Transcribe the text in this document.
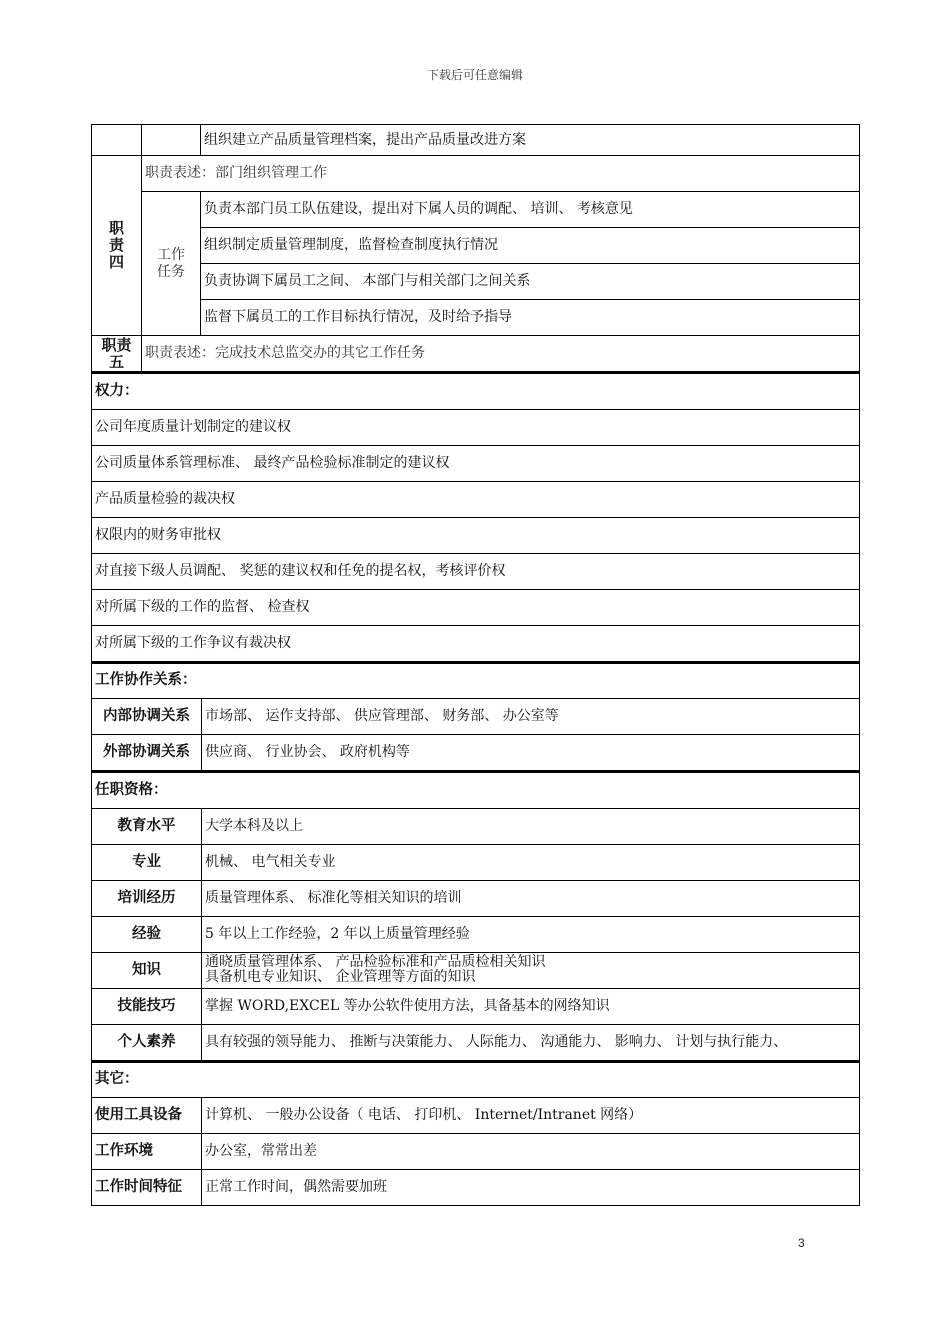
下载后可任意编辑
		组织建立产品质量管理档案，提出产品质量改进方案
职
责
四	职责表述：部门组织管理工作	
	工作
任务	负责本部门员工队伍建设，提出对下属人员的调配、 培训、 考核意见
		组织制定质量管理制度，监督检查制度执行情况
		负责协调下属员工之间、 本部门与相关部门之间关系
		监督下属员工的工作目标执行情况，及时给予指导
职责
五	职责表述：完成技术总监交办的其它工作任务	
权力：
公司年度质量计划制定的建议权
公司质量体系管理标准、 最终产品检验标准制定的建议权
产品质量检验的裁决权
权限内的财务审批权
对直接下级人员调配、 奖惩的建议权和任免的提名权，考核评价权
对所属下级的工作的监督、 检查权
对所属下级的工作争议有裁决权
工作协作关系：	
内部协调关系	市场部、 运作支持部、 供应管理部、 财务部、 办公室等
外部协调关系	供应商、 行业协会、 政府机构等
任职资格：	
教育水平	大学本科及以上
专业	机械、 电气相关专业
培训经历	质量管理体系、 标准化等相关知识的培训
经验	5 年以上工作经验，2 年以上质量管理经验
知识	通晓质量管理体系、 产品检验标准和产品质检相关知识
具备机电专业知识、 企业管理等方面的知识

技能技巧	掌握 WORD,EXCEL 等办公软件使用方法，具备基本的网络知识
个人素养	具有较强的领导能力、 推断与决策能力、 人际能力、 沟通能力、 影响力、 计划与执行能力、
其它：	
使用工具设备	计算机、 一般办公设备（ 电话、 打印机、 Internet/Intranet 网络）
工作环境	办公室，常常出差
工作时间特征	正常工作时间，偶然需要加班
3
